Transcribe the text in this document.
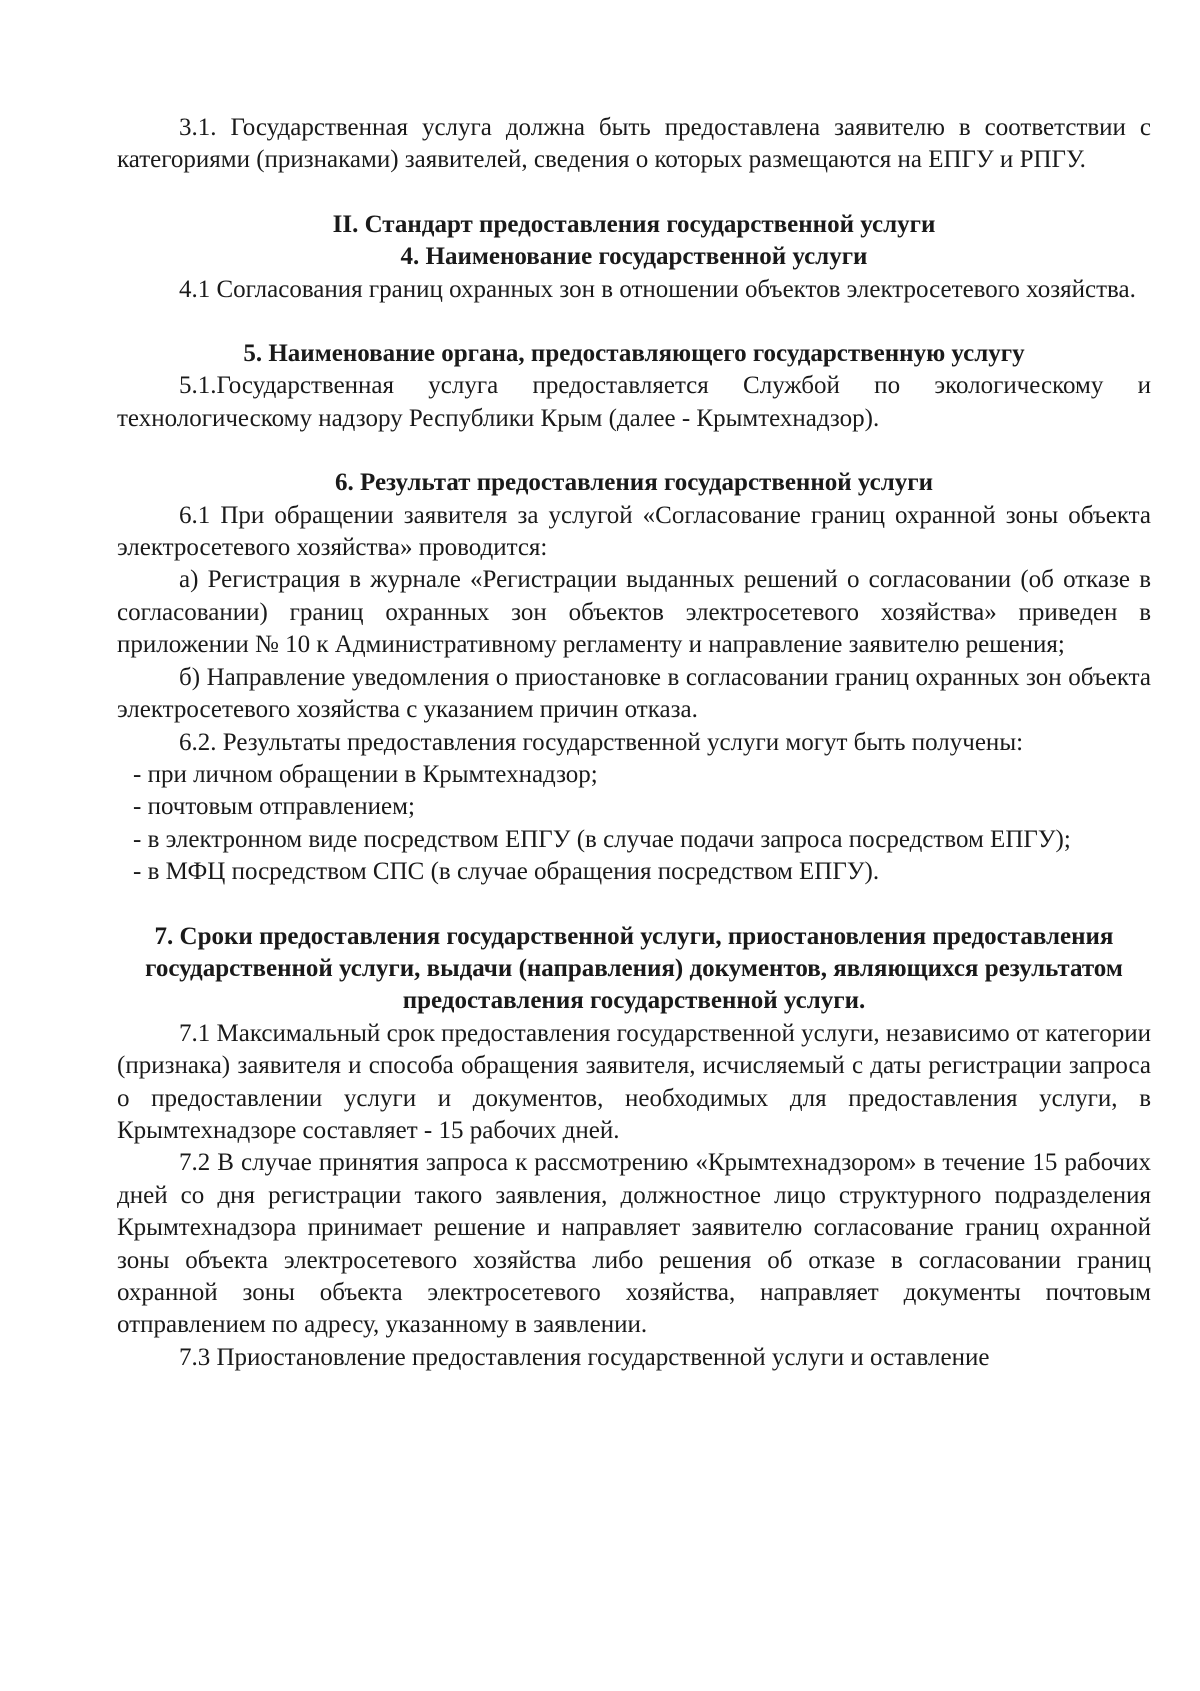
3.1. Государственная услуга должна быть предоставлена заявителю в соответствии с категориями (признаками) заявителей, сведения о которых размещаются на ЕПГУ и РПГУ.

II. Стандарт предоставления государственной услуги

4. Наименование государственной услуги

4.1 Согласования границ охранных зон в отношении объектов электросетевого хозяйства.

5. Наименование органа, предоставляющего государственную услугу

5.1.Государственная услуга предоставляется Службой по экологическому и технологическому надзору Республики Крым (далее - Крымтехнадзор).

6. Результат предоставления государственной услуги

6.1 При обращении заявителя за услугой «Согласование границ охранной зоны объекта электросетевого хозяйства» проводится:

а) Регистрация в журнале «Регистрации выданных решений о согласовании (об отказе в согласовании) границ охранных зон объектов электросетевого хозяйства» приведен в приложении № 10 к Административному регламенту и направление заявителю решения;

б) Направление уведомления о приостановке в согласовании границ охранных зон объекта электросетевого хозяйства с указанием причин отказа.

6.2. Результаты предоставления государственной услуги могут быть получены:

- при личном обращении в Крымтехнадзор;

- почтовым отправлением;

- в электронном виде посредством ЕПГУ (в случае подачи запроса посредством ЕПГУ);

- в МФЦ посредством СПС (в случае обращения посредством ЕПГУ).

7. Сроки предоставления государственной услуги, приостановления предоставления государственной услуги, выдачи (направления) документов, являющихся результатом предоставления государственной услуги.

7.1 Максимальный срок предоставления государственной услуги, независимо от категории (признака) заявителя и способа обращения заявителя, исчисляемый с даты регистрации запроса о предоставлении услуги и документов, необходимых для предоставления услуги, в Крымтехнадзоре составляет - 15 рабочих дней.

7.2 В случае принятия запроса к рассмотрению «Крымтехнадзором» в течение 15 рабочих дней со дня регистрации такого заявления, должностное лицо структурного подразделения Крымтехнадзора принимает решение и направляет заявителю согласование границ охранной зоны объекта электросетевого хозяйства либо решения об отказе в согласовании границ охранной зоны объекта электросетевого хозяйства, направляет документы почтовым отправлением по адресу, указанному в заявлении.

7.3 Приостановление предоставления государственной услуги и оставление
